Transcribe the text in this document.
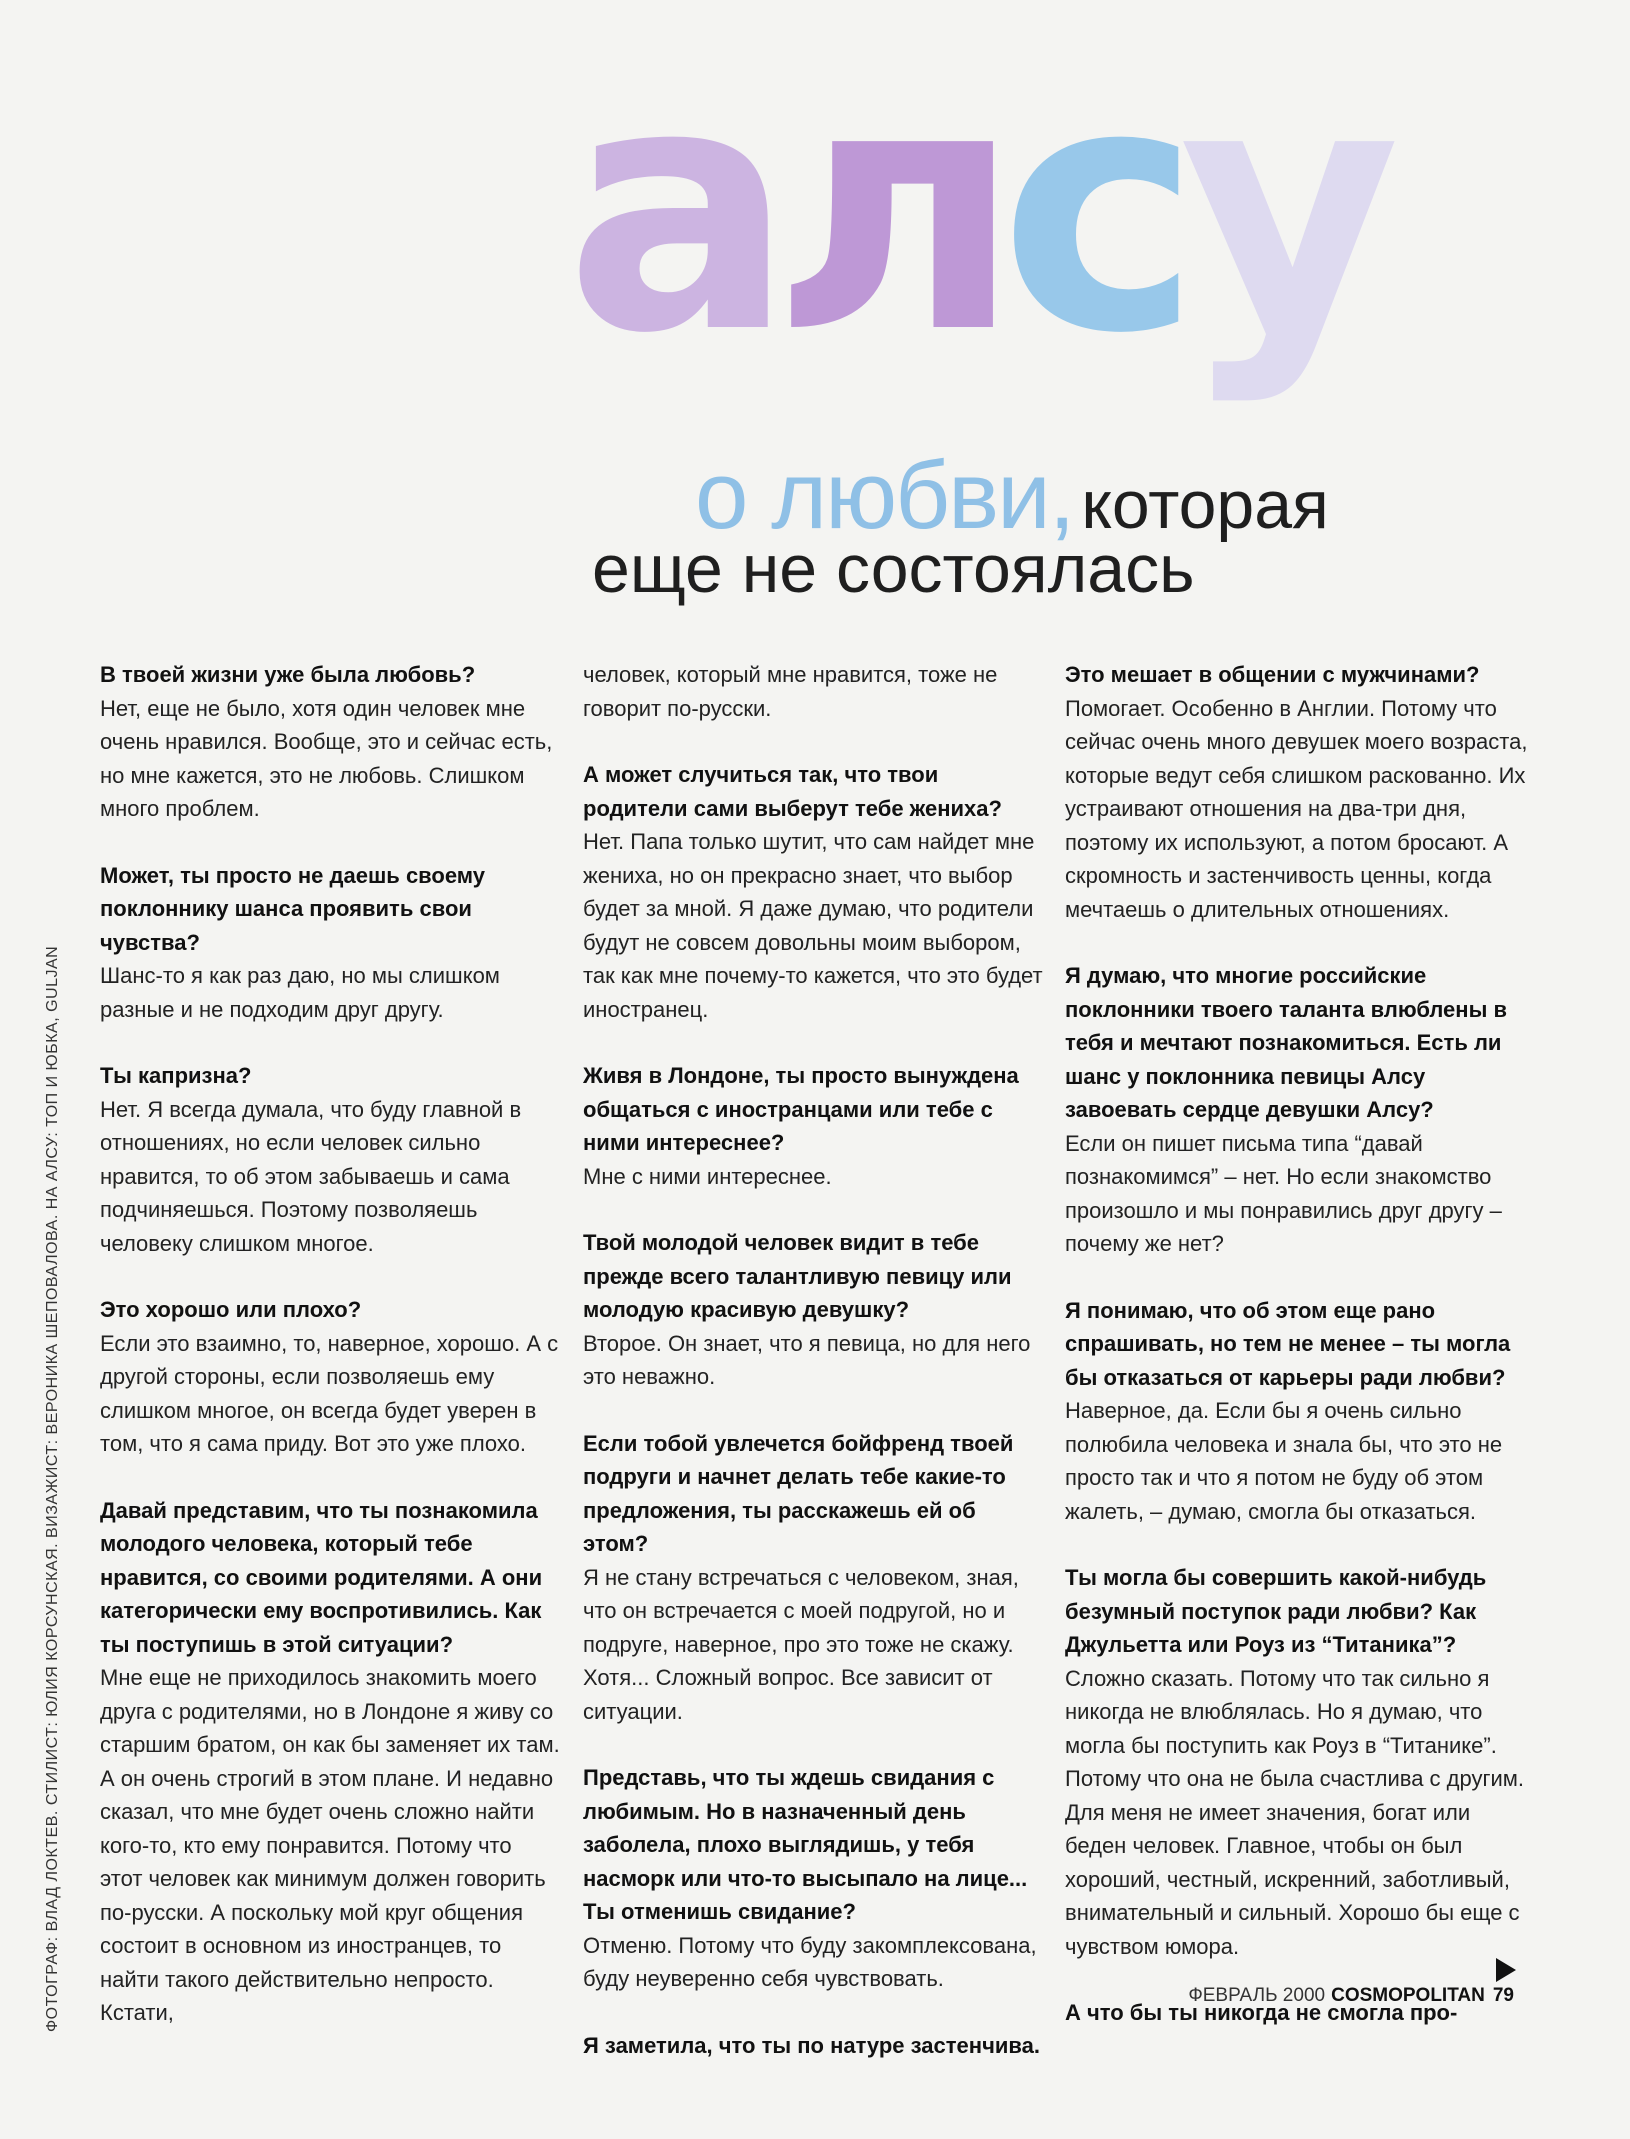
алсу
о любви, которая
еще не состоялась

В твоей жизни уже была любовь?

Нет, еще не было, хотя один человек мне очень нравился. Вообще, это и сейчас есть, но мне кажется, это не любовь. Слишком много проблем.

Может, ты просто не даешь своему поклоннику шанса проявить свои чувства?

Шанс-то я как раз даю, но мы слишком разные и не подходим друг другу.

Ты капризна?

Нет. Я всегда думала, что буду главной в отношениях, но если человек сильно нравится, то об этом забываешь и сама подчиняешься. Поэтому позволяешь человеку слишком многое.

Это хорошо или плохо?

Если это взаимно, то, наверное, хорошо. А с другой стороны, если позволяешь ему слишком многое, он всегда будет уверен в том, что я сама приду. Вот это уже плохо.

Давай представим, что ты познакомила молодого человека, который тебе нравится, со своими родителями. А они категорически ему воспротивились. Как ты поступишь в этой ситуации?

Мне еще не приходилось знакомить моего друга с родителями, но в Лондоне я живу со старшим братом, он как бы заменяет их там. А он очень строгий в этом плане. И недавно сказал, что мне будет очень сложно найти кого-то, кто ему понравится. Потому что этот человек как минимум должен говорить по-русски. А поскольку мой круг общения состоит в основном из иностранцев, то найти такого действительно непросто. Кстати,

человек, который мне нравится, тоже не говорит по-русски.

А может случиться так, что твои родители сами выберут тебе жениха?

Нет. Папа только шутит, что сам найдет мне жениха, но он прекрасно знает, что выбор будет за мной. Я даже думаю, что родители будут не совсем довольны моим выбором, так как мне почему-то кажется, что это будет иностранец.

Живя в Лондоне, ты просто вынуждена общаться с иностранцами или тебе с ними интереснее?

Мне с ними интереснее.

Твой молодой человек видит в тебе прежде всего талантливую певицу или молодую красивую девушку?

Второе. Он знает, что я певица, но для него это неважно.

Если тобой увлечется бойфренд твоей подруги и начнет делать тебе какие-то предложения, ты расскажешь ей об этом?

Я не стану встречаться с человеком, зная, что он встречается с моей подругой, но и подруге, наверное, про это тоже не скажу. Хотя... Сложный вопрос. Все зависит от ситуации.

Представь, что ты ждешь свидания с любимым. Но в назначенный день заболела, плохо выглядишь, у тебя насморк или что-то высыпало на лице... Ты отменишь свидание?

Отменю. Потому что буду закомплексована, буду неуверенно себя чувствовать.

Я заметила, что ты по натуре застенчива.

Это мешает в общении с мужчинами?

Помогает. Особенно в Англии. Потому что сейчас очень много девушек моего возраста, которые ведут себя слишком раскованно. Их устраивают отношения на два-три дня, поэтому их используют, а потом бросают. А скромность и застенчивость ценны, когда мечтаешь о длительных отношениях.

Я думаю, что многие российские поклонники твоего таланта влюблены в тебя и мечтают познакомиться. Есть ли шанс у поклонника певицы Алсу завоевать сердце девушки Алсу?

Если он пишет письма типа “давай познакомимся” – нет. Но если знакомство произошло и мы понравились друг другу – почему же нет?

Я понимаю, что об этом еще рано спрашивать, но тем не менее – ты могла бы отказаться от карьеры ради любви?

Наверное, да. Если бы я очень сильно полюбила человека и знала бы, что это не просто так и что я потом не буду об этом жалеть, – думаю, смогла бы отказаться.

Ты могла бы совершить какой-нибудь безумный поступок ради любви? Как Джульетта или Роуз из “Титаника”?

Сложно сказать. Потому что так сильно я никогда не влюблялась. Но я думаю, что могла бы поступить как Роуз в “Титанике”. Потому что она не была счастлива с другим. Для меня не имеет значения, богат или беден человек. Главное, чтобы он был хороший, честный, искренний, заботливый, внимательный и сильный. Хорошо бы еще с чувством юмора.

А что бы ты никогда не смогла про-

ФОТОГРАФ: ВЛАД ЛОКТЕВ. СТИЛИСТ: ЮЛИЯ КОРСУНСКАЯ. ВИЗАЖИСТ: ВЕРОНИКА ШЕПОВАЛОВА. НА АЛСУ: ТОП И ЮБКА, GULJAN	ФЕВРАЛЬ 2000 COSMOPOLITAN 79
